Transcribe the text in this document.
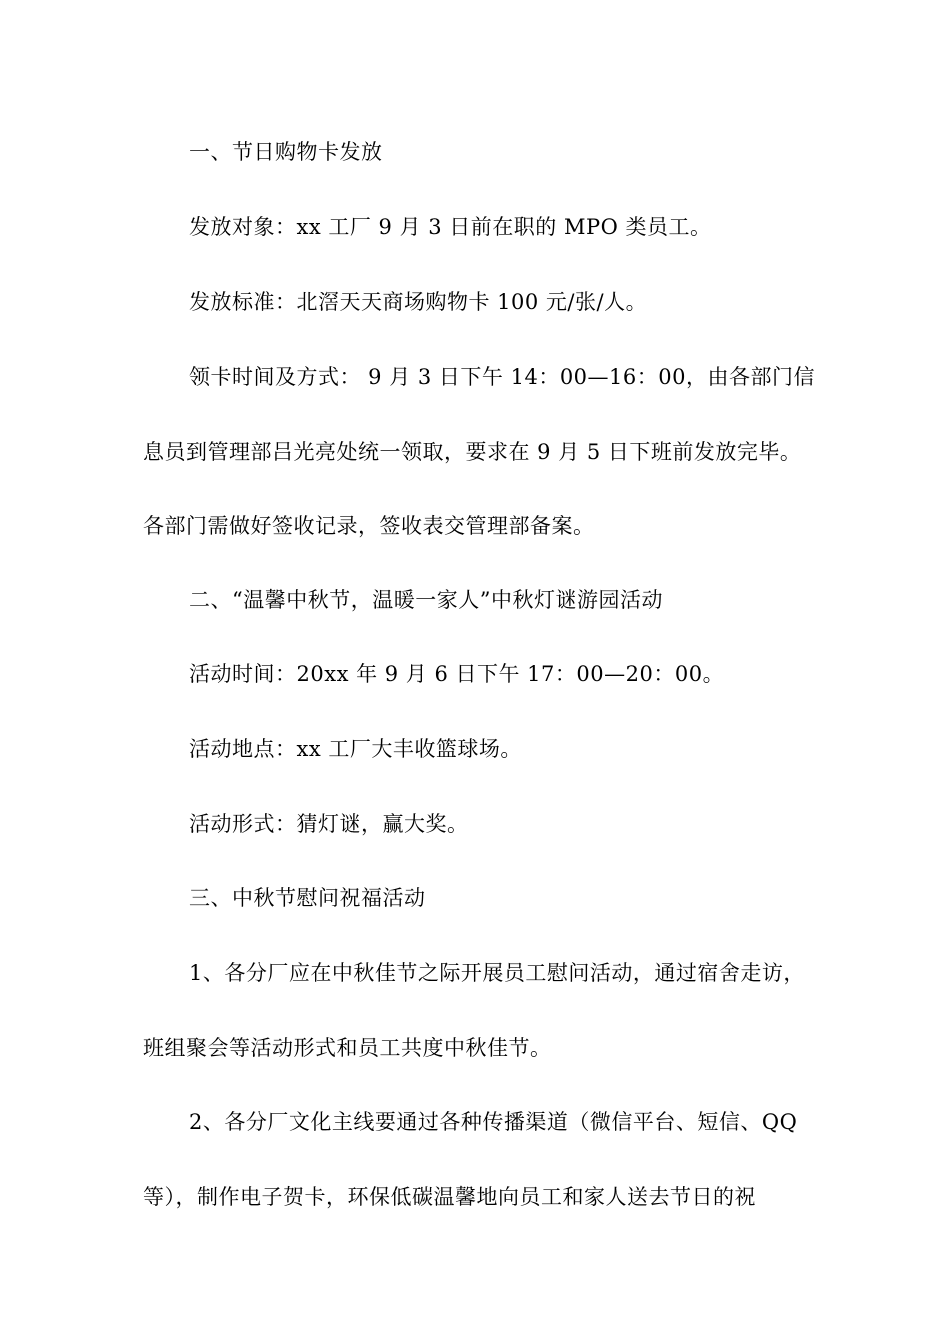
一、节日购物卡发放
发放对象：xx 工厂 9 月 3 日前在职的 MPO 类员工。
发放标准：北滘天天商场购物卡 100 元/张/人。
领卡时间及方式： 9 月 3 日下午 14：00—16：00，由各部门信
息员到管理部吕光亮处统一领取，要求在 9 月 5 日下班前发放完毕。
各部门需做好签收记录，签收表交管理部备案。
二、“温馨中秋节，温暖一家人”中秋灯谜游园活动
活动时间：20xx 年 9 月 6 日下午 17：00—20：00。
活动地点：xx 工厂大丰收篮球场。
活动形式：猜灯谜，赢大奖。
三、中秋节慰问祝福活动
1、各分厂应在中秋佳节之际开展员工慰问活动，通过宿舍走访，
班组聚会等活动形式和员工共度中秋佳节。
2、各分厂文化主线要通过各种传播渠道（微信平台、短信、QQ
等），制作电子贺卡，环保低碳温馨地向员工和家人送去节日的祝
